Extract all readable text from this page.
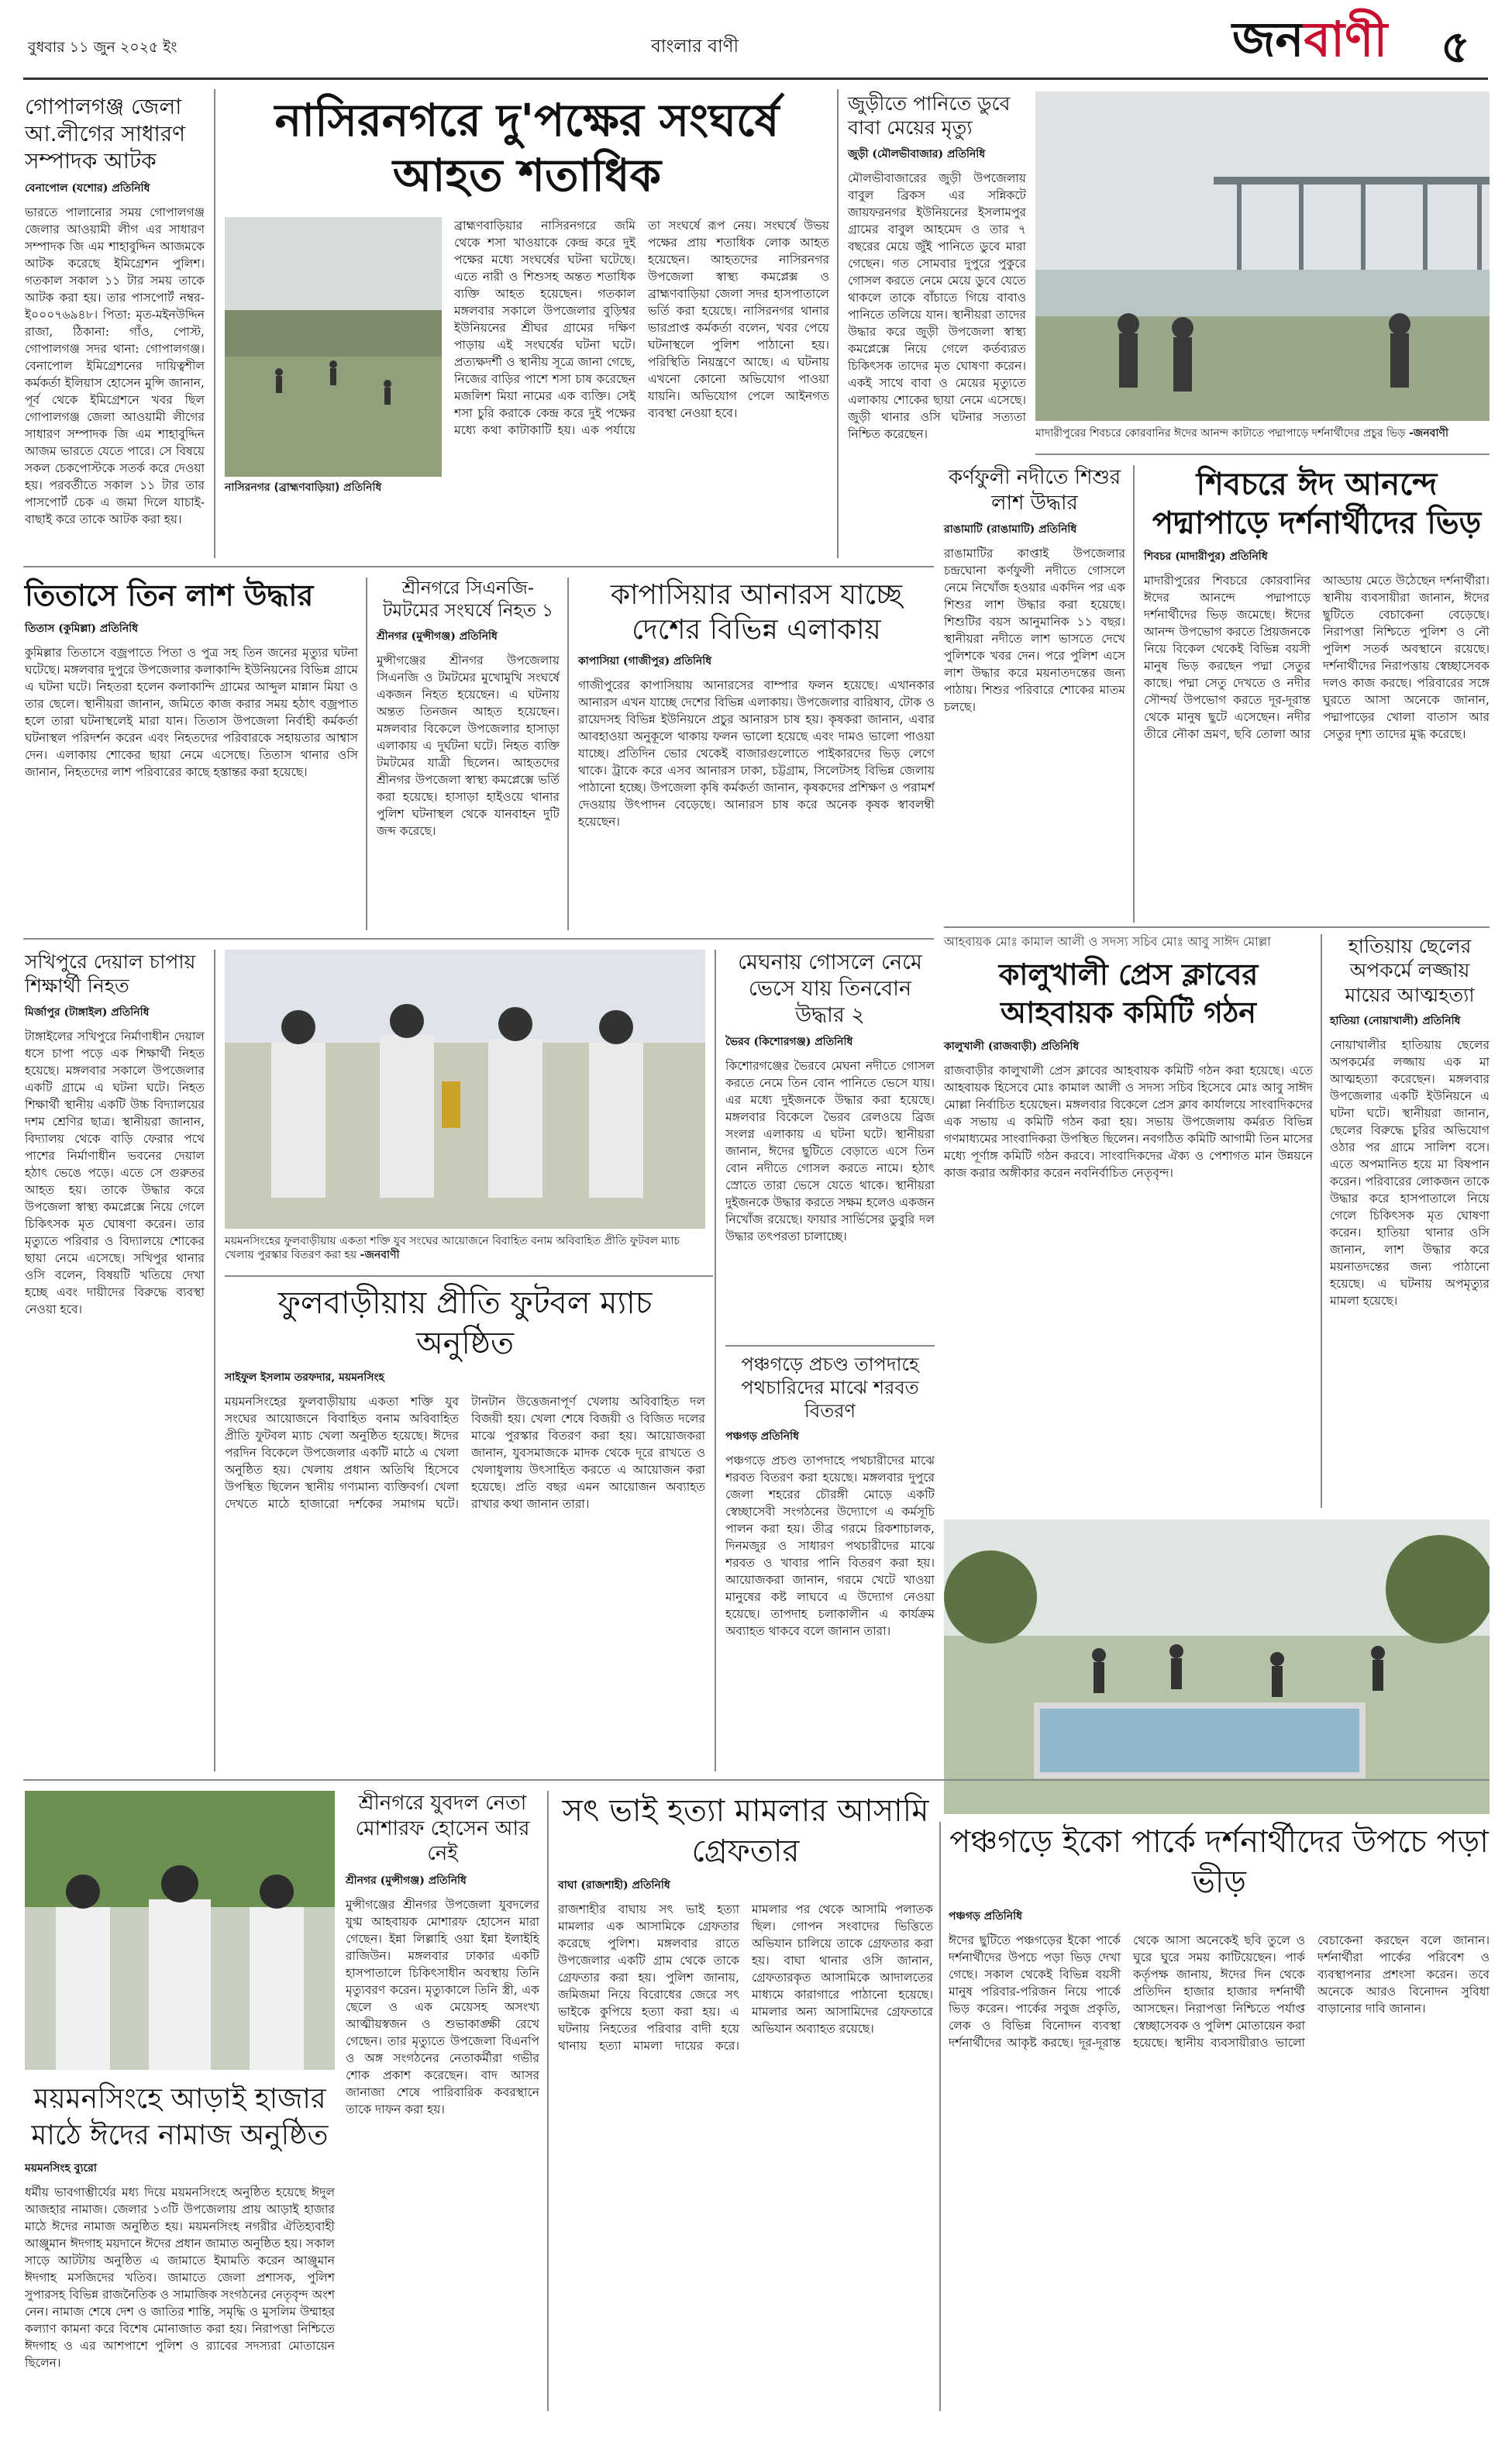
বুধবার ১১ জুন ২০২৫ ইং	বাংলার বাণী	জনবাণী ৫
গোপালগঞ্জ জেলা আ.লীগের সাধারণ সম্পাদক আটক
বেনাপোল (যশোর) প্রতিনিধি
ভারতে পালানোর সময় গোপালগঞ্জ জেলার আওয়ামী লীগ এর সাধারণ সম্পাদক জি এম শাহাবুদ্দিন আজমকে আটক করেছে ইমিগ্রেশন পুলিশ। গতকাল সকাল ১১ টার সময় তাকে আটক করা হয়। তার পাসপোর্ট নম্বর-ই০০০৭৬৯৪৮। পিতা: মৃত-মইনউদ্দিন রাজা, ঠিকানা: গাঁও, পোস্ট, গোপালগঞ্জ সদর থানা: গোপালগঞ্জ। বেনাপোল ইমিগ্রেশনের দায়িত্বশীল কর্মকর্তা ইলিয়াস হোসেন মুন্সি জানান, পূর্ব থেকে ইমিগ্রেশনে খবর ছিল গোপালগঞ্জ জেলা আওয়ামী লীগের সাধারণ সম্পাদক জি এম শাহাবুদ্দিন আজম ভারতে যেতে পারে। সে বিষয়ে সকল চেকপোস্টকে সতর্ক করে দেওয়া হয়। পরবর্তীতে সকাল ১১ টার তার পাসপোর্ট চেক এ জমা দিলে যাচাই-বাছাই করে তাকে আটক করা হয়।
নাসিরনগরে দু'পক্ষের সংঘর্ষে আহত শতাধিক
নাসিরনগর (ব্রাহ্মণবাড়িয়া) প্রতিনিধি
ব্রাহ্মণবাড়িয়ার নাসিরনগরে জমি থেকে শসা খাওয়াকে কেন্দ্র করে দুই পক্ষের মধ্যে সংঘর্ষের ঘটনা ঘটেছে। এতে নারী ও শিশুসহ অন্তত শতাধিক ব্যক্তি আহত হয়েছেন। গতকাল মঙ্গলবার সকালে উপজেলার বুড়িশ্বর ইউনিয়নের শ্রীঘর গ্রামের দক্ষিণ পাড়ায় এই সংঘর্ষের ঘটনা ঘটে। প্রত্যক্ষদর্শী ও স্থানীয় সূত্রে জানা গেছে, নিজের বাড়ির পাশে শসা চাষ করেছেন মজলিশ মিয়া নামের এক ব্যক্তি। সেই শসা চুরি করাকে কেন্দ্র করে দুই পক্ষের মধ্যে কথা কাটাকাটি হয়। এক পর্যায়ে তা সংঘর্ষে রূপ নেয়। সংঘর্ষে উভয় পক্ষের প্রায় শতাধিক লোক আহত হয়েছেন। আহতদের নাসিরনগর উপজেলা স্বাস্থ্য কমপ্লেক্স ও ব্রাহ্মণবাড়িয়া জেলা সদর হাসপাতালে ভর্তি করা হয়েছে। নাসিরনগর থানার ভারপ্রাপ্ত কর্মকর্তা বলেন, খবর পেয়ে ঘটনাস্থলে পুলিশ পাঠানো হয়। পরিস্থিতি নিয়ন্ত্রণে আছে। এ ঘটনায় এখনো কোনো অভিযোগ পাওয়া যায়নি। অভিযোগ পেলে আইনগত ব্যবস্থা নেওয়া হবে।
জুড়ীতে পানিতে ডুবে বাবা মেয়ের মৃত্যু
জুড়ী (মৌলভীবাজার) প্রতিনিধি
মৌলভীবাজারের জুড়ী উপজেলায় বাবুল ব্রিকস এর সন্নিকটে জায়ফরনগর ইউনিয়নের ইসলামপুর গ্রামের বাবুল আহমেদ ও তার ৭ বছরের মেয়ে জুঁই পানিতে ডুবে মারা গেছেন। গত সোমবার দুপুরে পুকুরে গোসল করতে নেমে মেয়ে ডুবে যেতে থাকলে তাকে বাঁচাতে গিয়ে বাবাও পানিতে তলিয়ে যান। স্থানীয়রা তাদের উদ্ধার করে জুড়ী উপজেলা স্বাস্থ্য কমপ্লেক্সে নিয়ে গেলে কর্তব্যরত চিকিৎসক তাদের মৃত ঘোষণা করেন। একই সাথে বাবা ও মেয়ের মৃত্যুতে এলাকায় শোকের ছায়া নেমে এসেছে। জুড়ী থানার ওসি ঘটনার সত্যতা নিশ্চিত করেছেন।	মাদারীপুরের শিবচরে কোরবানির ঈদের আনন্দ কাটাতে পদ্মাপাড়ে দর্শনার্থীদের প্রচুর ভিড় -জনবাণী
কর্ণফুলী নদীতে শিশুর লাশ উদ্ধার
রাঙামাটি (রাঙামাটি) প্রতিনিধি
রাঙামাটির কাপ্তাই উপজেলার চন্দ্রঘোনা কর্ণফুলী নদীতে গোসলে নেমে নিখোঁজ হওয়ার একদিন পর এক শিশুর লাশ উদ্ধার করা হয়েছে। শিশুটির বয়স আনুমানিক ১১ বছর। স্থানীয়রা নদীতে লাশ ভাসতে দেখে পুলিশকে খবর দেন। পরে পুলিশ এসে লাশ উদ্ধার করে ময়নাতদন্তের জন্য পাঠায়। শিশুর পরিবারে শোকের মাতম চলছে।
শিবচরে ঈদ আনন্দে পদ্মাপাড়ে দর্শনার্থীদের ভিড়
শিবচর (মাদারীপুর) প্রতিনিধি
মাদারীপুরের শিবচরে কোরবানির ঈদের আনন্দে পদ্মাপাড়ে দর্শনার্থীদের ভিড় জমেছে। ঈদের আনন্দ উপভোগ করতে প্রিয়জনকে নিয়ে বিকেল থেকেই বিভিন্ন বয়সী মানুষ ভিড় করছেন পদ্মা সেতুর কাছে। পদ্মা সেতু দেখতে ও নদীর সৌন্দর্য উপভোগ করতে দূর-দূরান্ত থেকে মানুষ ছুটে এসেছেন। নদীর তীরে নৌকা ভ্রমণ, ছবি তোলা আর আড্ডায় মেতে উঠেছেন দর্শনার্থীরা। স্থানীয় ব্যবসায়ীরা জানান, ঈদের ছুটিতে বেচাকেনা বেড়েছে। নিরাপত্তা নিশ্চিতে পুলিশ ও নৌ পুলিশ সতর্ক অবস্থানে রয়েছে। দর্শনার্থীদের নিরাপত্তায় স্বেচ্ছাসেবক দলও কাজ করছে। পরিবারের সঙ্গে ঘুরতে আসা অনেকে জানান, পদ্মাপাড়ের খোলা বাতাস আর সেতুর দৃশ্য তাদের মুগ্ধ করেছে।
তিতাসে তিন লাশ উদ্ধার
তিতাস (কুমিল্লা) প্রতিনিধি
কুমিল্লার তিতাসে বজ্রপাতে পিতা ও পুত্র সহ তিন জনের মৃত্যুর ঘটনা ঘটেছে। মঙ্গলবার দুপুরে উপজেলার কলাকান্দি ইউনিয়নের বিভিন্ন গ্রামে এ ঘটনা ঘটে। নিহতরা হলেন কলাকান্দি গ্রামের আব্দুল মান্নান মিয়া ও তার ছেলে। স্থানীয়রা জানান, জমিতে কাজ করার সময় হঠাৎ বজ্রপাত হলে তারা ঘটনাস্থলেই মারা যান। তিতাস উপজেলা নির্বাহী কর্মকর্তা ঘটনাস্থল পরিদর্শন করেন এবং নিহতদের পরিবারকে সহায়তার আশ্বাস দেন। এলাকায় শোকের ছায়া নেমে এসেছে। তিতাস থানার ওসি জানান, নিহতদের লাশ পরিবারের কাছে হস্তান্তর করা হয়েছে।
শ্রীনগরে সিএনজি-টমটমের সংঘর্ষে নিহত ১
শ্রীনগর (মুন্সীগঞ্জ) প্রতিনিধি
মুন্সীগঞ্জের শ্রীনগর উপজেলায় সিএনজি ও টমটমের মুখোমুখি সংঘর্ষে একজন নিহত হয়েছেন। এ ঘটনায় অন্তত তিনজন আহত হয়েছেন। মঙ্গলবার বিকেলে উপজেলার হাসাড়া এলাকায় এ দুর্ঘটনা ঘটে। নিহত ব্যক্তি টমটমের যাত্রী ছিলেন। আহতদের শ্রীনগর উপজেলা স্বাস্থ্য কমপ্লেক্সে ভর্তি করা হয়েছে। হাসাড়া হাইওয়ে থানার পুলিশ ঘটনাস্থল থেকে যানবাহন দুটি জব্দ করেছে।
কাপাসিয়ার আনারস যাচ্ছে দেশের বিভিন্ন এলাকায়
কাপাসিয়া (গাজীপুর) প্রতিনিধি
গাজীপুরের কাপাসিয়ায় আনারসের বাম্পার ফলন হয়েছে। এখানকার আনারস এখন যাচ্ছে দেশের বিভিন্ন এলাকায়। উপজেলার বারিষাব, টোক ও রায়েদসহ বিভিন্ন ইউনিয়নে প্রচুর আনারস চাষ হয়। কৃষকরা জানান, এবার আবহাওয়া অনুকূলে থাকায় ফলন ভালো হয়েছে এবং দামও ভালো পাওয়া যাচ্ছে। প্রতিদিন ভোর থেকেই বাজারগুলোতে পাইকারদের ভিড় লেগে থাকে। ট্রাকে করে এসব আনারস ঢাকা, চট্টগ্রাম, সিলেটসহ বিভিন্ন জেলায় পাঠানো হচ্ছে। উপজেলা কৃষি কর্মকর্তা জানান, কৃষকদের প্রশিক্ষণ ও পরামর্শ দেওয়ায় উৎপাদন বেড়েছে। আনারস চাষ করে অনেক কৃষক স্বাবলম্বী হয়েছেন।
আহবায়ক মোঃ কামাল আলী ও সদস্য সচিব মোঃ আবু সাঈদ মোল্লা
কালুখালী প্রেস ক্লাবের আহবায়ক কমিটি গঠন
কালুখালী (রাজবাড়ী) প্রতিনিধি
রাজবাড়ীর কালুখালী প্রেস ক্লাবের আহবায়ক কমিটি গঠন করা হয়েছে। এতে আহবায়ক হিসেবে মোঃ কামাল আলী ও সদস্য সচিব হিসেবে মোঃ আবু সাঈদ মোল্লা নির্বাচিত হয়েছেন। মঙ্গলবার বিকেলে প্রেস ক্লাব কার্যালয়ে সাংবাদিকদের এক সভায় এ কমিটি গঠন করা হয়। সভায় উপজেলায় কর্মরত বিভিন্ন গণমাধ্যমের সাংবাদিকরা উপস্থিত ছিলেন। নবগঠিত কমিটি আগামী তিন মাসের মধ্যে পূর্ণাঙ্গ কমিটি গঠন করবে। সাংবাদিকদের ঐক্য ও পেশাগত মান উন্নয়নে কাজ করার অঙ্গীকার করেন নবনির্বাচিত নেতৃবৃন্দ।
হাতিয়ায় ছেলের অপকর্মে লজ্জায় মায়ের আত্মহত্যা
হাতিয়া (নোয়াখালী) প্রতিনিধি
নোয়াখালীর হাতিয়ায় ছেলের অপকর্মের লজ্জায় এক মা আত্মহত্যা করেছেন। মঙ্গলবার উপজেলার একটি ইউনিয়নে এ ঘটনা ঘটে। স্থানীয়রা জানান, ছেলের বিরুদ্ধে চুরির অভিযোগ ওঠার পর গ্রামে সালিশ বসে। এতে অপমানিত হয়ে মা বিষপান করেন। পরিবারের লোকজন তাকে উদ্ধার করে হাসপাতালে নিয়ে গেলে চিকিৎসক মৃত ঘোষণা করেন। হাতিয়া থানার ওসি জানান, লাশ উদ্ধার করে ময়নাতদন্তের জন্য পাঠানো হয়েছে। এ ঘটনায় অপমৃত্যুর মামলা হয়েছে।
সখিপুরে দেয়াল চাপায় শিক্ষার্থী নিহত
মির্জাপুর (টাঙ্গাইল) প্রতিনিধি
টাঙ্গাইলের সখিপুরে নির্মাণাধীন দেয়াল ধসে চাপা পড়ে এক শিক্ষার্থী নিহত হয়েছে। মঙ্গলবার সকালে উপজেলার একটি গ্রামে এ ঘটনা ঘটে। নিহত শিক্ষার্থী স্থানীয় একটি উচ্চ বিদ্যালয়ের দশম শ্রেণির ছাত্র। স্থানীয়রা জানান, বিদ্যালয় থেকে বাড়ি ফেরার পথে পাশের নির্মাণাধীন ভবনের দেয়াল হঠাৎ ভেঙে পড়ে। এতে সে গুরুতর আহত হয়। তাকে উদ্ধার করে উপজেলা স্বাস্থ্য কমপ্লেক্সে নিয়ে গেলে চিকিৎসক মৃত ঘোষণা করেন। তার মৃত্যুতে পরিবার ও বিদ্যালয়ে শোকের ছায়া নেমে এসেছে। সখিপুর থানার ওসি বলেন, বিষয়টি খতিয়ে দেখা হচ্ছে এবং দায়ীদের বিরুদ্ধে ব্যবস্থা নেওয়া হবে।
ময়মনসিংহের ফুলবাড়ীয়ায় একতা শক্তি যুব সংঘের আয়োজনে বিবাহিত বনাম অবিবাহিত প্রীতি ফুটবল ম্যাচ খেলায় পুরস্কার বিতরণ করা হয় -জনবাণী
মেঘনায় গোসলে নেমে ভেসে যায় তিনবোন উদ্ধার ২
ভৈরব (কিশোরগঞ্জ) প্রতিনিধি
কিশোরগঞ্জের ভৈরবে মেঘনা নদীতে গোসল করতে নেমে তিন বোন পানিতে ভেসে যায়। এর মধ্যে দুইজনকে উদ্ধার করা হয়েছে। মঙ্গলবার বিকেলে ভৈরব রেলওয়ে ব্রিজ সংলগ্ন এলাকায় এ ঘটনা ঘটে। স্থানীয়রা জানান, ঈদের ছুটিতে বেড়াতে এসে তিন বোন নদীতে গোসল করতে নামে। হঠাৎ স্রোতে তারা ভেসে যেতে থাকে। স্থানীয়রা দুইজনকে উদ্ধার করতে সক্ষম হলেও একজন নিখোঁজ রয়েছে। ফায়ার সার্ভিসের ডুবুরি দল উদ্ধার তৎপরতা চালাচ্ছে।
ফুলবাড়ীয়ায় প্রীতি ফুটবল ম্যাচ অনুষ্ঠিত
সাইফুল ইসলাম তরফদার, ময়মনসিংহ
ময়মনসিংহের ফুলবাড়ীয়ায় একতা শক্তি যুব সংঘের আয়োজনে বিবাহিত বনাম অবিবাহিত প্রীতি ফুটবল ম্যাচ খেলা অনুষ্ঠিত হয়েছে। ঈদের পরদিন বিকেলে উপজেলার একটি মাঠে এ খেলা অনুষ্ঠিত হয়। খেলায় প্রধান অতিথি হিসেবে উপস্থিত ছিলেন স্থানীয় গণ্যমান্য ব্যক্তিবর্গ। খেলা দেখতে মাঠে হাজারো দর্শকের সমাগম ঘটে। টানটান উত্তেজনাপূর্ণ খেলায় অবিবাহিত দল বিজয়ী হয়। খেলা শেষে বিজয়ী ও বিজিত দলের মাঝে পুরস্কার বিতরণ করা হয়। আয়োজকরা জানান, যুবসমাজকে মাদক থেকে দূরে রাখতে ও খেলাধুলায় উৎসাহিত করতে এ আয়োজন করা হয়েছে। প্রতি বছর এমন আয়োজন অব্যাহত রাখার কথা জানান তারা।
পঞ্চগড়ে প্রচণ্ড তাপদাহে পথচারিদের মাঝে শরবত বিতরণ
পঞ্চগড় প্রতিনিধি
পঞ্চগড়ে প্রচণ্ড তাপদাহে পথচারীদের মাঝে শরবত বিতরণ করা হয়েছে। মঙ্গলবার দুপুরে জেলা শহরের চৌরঙ্গী মোড়ে একটি স্বেচ্ছাসেবী সংগঠনের উদ্যোগে এ কর্মসূচি পালন করা হয়। তীব্র গরমে রিকশাচালক, দিনমজুর ও সাধারণ পথচারীদের মাঝে শরবত ও খাবার পানি বিতরণ করা হয়। আয়োজকরা জানান, গরমে খেটে খাওয়া মানুষের কষ্ট লাঘবে এ উদ্যোগ নেওয়া হয়েছে। তাপদাহ চলাকালীন এ কার্যক্রম অব্যাহত থাকবে বলে জানান তারা।
শ্রীনগরে যুবদল নেতা মোশারফ হোসেন আর নেই
শ্রীনগর (মুন্সীগঞ্জ) প্রতিনিধি
মুন্সীগঞ্জের শ্রীনগর উপজেলা যুবদলের যুগ্ম আহবায়ক মোশারফ হোসেন মারা গেছেন। ইন্না লিল্লাহি ওয়া ইন্না ইলাইহি রাজিউন। মঙ্গলবার ঢাকার একটি হাসপাতালে চিকিৎসাধীন অবস্থায় তিনি মৃত্যুবরণ করেন। মৃত্যুকালে তিনি স্ত্রী, এক ছেলে ও এক মেয়েসহ অসংখ্য আত্মীয়স্বজন ও শুভাকাঙ্ক্ষী রেখে গেছেন। তার মৃত্যুতে উপজেলা বিএনপি ও অঙ্গ সংগঠনের নেতাকর্মীরা গভীর শোক প্রকাশ করেছেন। বাদ আসর জানাজা শেষে পারিবারিক কবরস্থানে তাকে দাফন করা হয়।
সৎ ভাই হত্যা মামলার আসামি গ্রেফতার
বাঘা (রাজশাহী) প্রতিনিধি
রাজশাহীর বাঘায় সৎ ভাই হত্যা মামলার এক আসামিকে গ্রেফতার করেছে পুলিশ। মঙ্গলবার রাতে উপজেলার একটি গ্রাম থেকে তাকে গ্রেফতার করা হয়। পুলিশ জানায়, জমিজমা নিয়ে বিরোধের জেরে সৎ ভাইকে কুপিয়ে হত্যা করা হয়। এ ঘটনায় নিহতের পরিবার বাদী হয়ে থানায় হত্যা মামলা দায়ের করে। মামলার পর থেকে আসামি পলাতক ছিল। গোপন সংবাদের ভিত্তিতে অভিযান চালিয়ে তাকে গ্রেফতার করা হয়। বাঘা থানার ওসি জানান, গ্রেফতারকৃত আসামিকে আদালতের মাধ্যমে কারাগারে পাঠানো হয়েছে। মামলার অন্য আসামিদের গ্রেফতারে অভিযান অব্যাহত রয়েছে।
পঞ্চগড়ে ইকো পার্কে দর্শনার্থীদের উপচে পড়া ভীড়
পঞ্চগড় প্রতিনিধি
ঈদের ছুটিতে পঞ্চগড়ের ইকো পার্কে দর্শনার্থীদের উপচে পড়া ভিড় দেখা গেছে। সকাল থেকেই বিভিন্ন বয়সী মানুষ পরিবার-পরিজন নিয়ে পার্কে ভিড় করেন। পার্কের সবুজ প্রকৃতি, লেক ও বিভিন্ন বিনোদন ব্যবস্থা দর্শনার্থীদের আকৃষ্ট করছে। দূর-দূরান্ত থেকে আসা অনেকেই ছবি তুলে ও ঘুরে ঘুরে সময় কাটিয়েছেন। পার্ক কর্তৃপক্ষ জানায়, ঈদের দিন থেকে প্রতিদিন হাজার হাজার দর্শনার্থী আসছেন। নিরাপত্তা নিশ্চিতে পর্যাপ্ত স্বেচ্ছাসেবক ও পুলিশ মোতায়েন করা হয়েছে। স্থানীয় ব্যবসায়ীরাও ভালো বেচাকেনা করছেন বলে জানান। দর্শনার্থীরা পার্কের পরিবেশ ও ব্যবস্থাপনার প্রশংসা করেন। তবে অনেকে আরও বিনোদন সুবিধা বাড়ানোর দাবি জানান।
ময়মনসিংহে আড়াই হাজার মাঠে ঈদের নামাজ অনুষ্ঠিত
ময়মনসিংহ ব্যুরো
ধর্মীয় ভাবগাম্ভীর্যের মধ্য দিয়ে ময়মনসিংহে অনুষ্ঠিত হয়েছে ঈদুল আজহার নামাজ। জেলার ১৩টি উপজেলায় প্রায় আড়াই হাজার মাঠে ঈদের নামাজ অনুষ্ঠিত হয়। ময়মনসিংহ নগরীর ঐতিহ্যবাহী আঞ্জুমান ঈদগাহ ময়দানে ঈদের প্রধান জামাত অনুষ্ঠিত হয়। সকাল সাড়ে আটটায় অনুষ্ঠিত এ জামাতে ইমামতি করেন আঞ্জুমান ঈদগাহ মসজিদের খতিব। জামাতে জেলা প্রশাসক, পুলিশ সুপারসহ বিভিন্ন রাজনৈতিক ও সামাজিক সংগঠনের নেতৃবৃন্দ অংশ নেন। নামাজ শেষে দেশ ও জাতির শান্তি, সমৃদ্ধি ও মুসলিম উম্মাহর কল্যাণ কামনা করে বিশেষ মোনাজাত করা হয়। নিরাপত্তা নিশ্চিতে ঈদগাহ ও এর আশপাশে পুলিশ ও র‍্যাবের সদস্যরা মোতায়েন ছিলেন।
